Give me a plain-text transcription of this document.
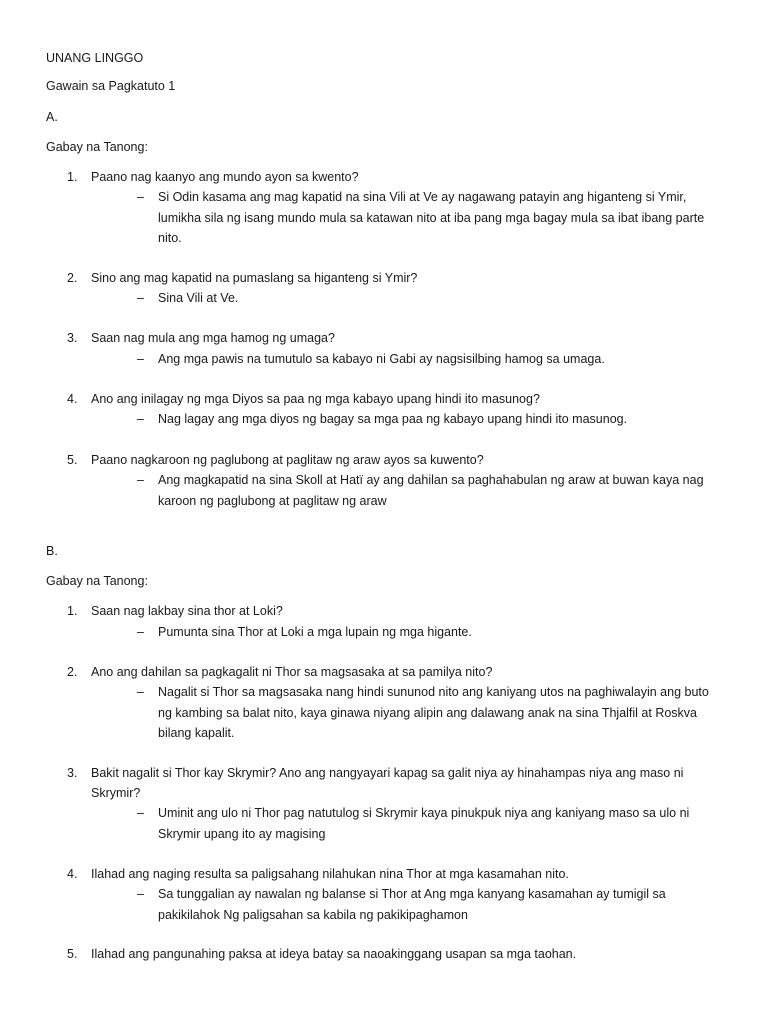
UNANG LINGGO
Gawain sa Pagkatuto 1
A.
Gabay na Tanong:
1. Paano nag kaanyo ang mundo ayon sa kwento?
– Si Odin kasama ang mag kapatid na sina Vili at Ve ay nagawang patayin ang higanteng si Ymir,
lumikha sila ng isang mundo mula sa katawan nito at iba pang mga bagay mula sa ibat ibang parte
nito.
2. Sino ang mag kapatid na pumaslang sa higanteng si Ymir?
– Sina Vili at Ve.
3. Saan nag mula ang mga hamog ng umaga?
– Ang mga pawis na tumutulo sa kabayo ni Gabi ay nagsisilbing hamog sa umaga.
4. Ano ang inilagay ng mga Diyos sa paa ng mga kabayo upang hindi ito masunog?
– Nag lagay ang mga diyos ng bagay sa mga paa ng kabayo upang hindi ito masunog.
5. Paano nagkaroon ng paglubong at paglitaw ng araw ayos sa kuwento?
– Ang magkapatid na sina Skoll at Hatï ay ang dahilan sa paghahabulan ng araw at buwan kaya nag
karoon ng paglubong at paglitaw ng araw
B.
Gabay na Tanong:
1. Saan nag lakbay sina thor at Loki?
– Pumunta sina Thor at Loki a mga lupain ng mga higante.
2. Ano ang dahilan sa pagkagalit ni Thor sa magsasaka at sa pamilya nito?
– Nagalit si Thor sa magsasaka nang hindi sununod nito ang kaniyang utos na paghiwalayin ang buto
ng kambing sa balat nito, kaya ginawa niyang alipin ang dalawang anak na sina Thjalfil at Roskva
bilang kapalit.
3. Bakit nagalit si Thor kay Skrymir? Ano ang nangyayari kapag sa galit niya ay hinahampas niya ang maso ni
Skrymir?
– Uminit ang ulo ni Thor pag natutulog si Skrymir kaya pinukpuk niya ang kaniyang maso sa ulo ni
Skrymir upang ito ay magising
4. Ilahad ang naging resulta sa paligsahang nilahukan nina Thor at mga kasamahan nito.
– Sa tunggalian ay nawalan ng balanse si Thor at Ang mga kanyang kasamahan ay tumigil sa
pakikilahok Ng paligsahan sa kabila ng pakikipaghamon
5. Ilahad ang pangunahing paksa at ideya batay sa naoakinggang usapan sa mga taohan.
